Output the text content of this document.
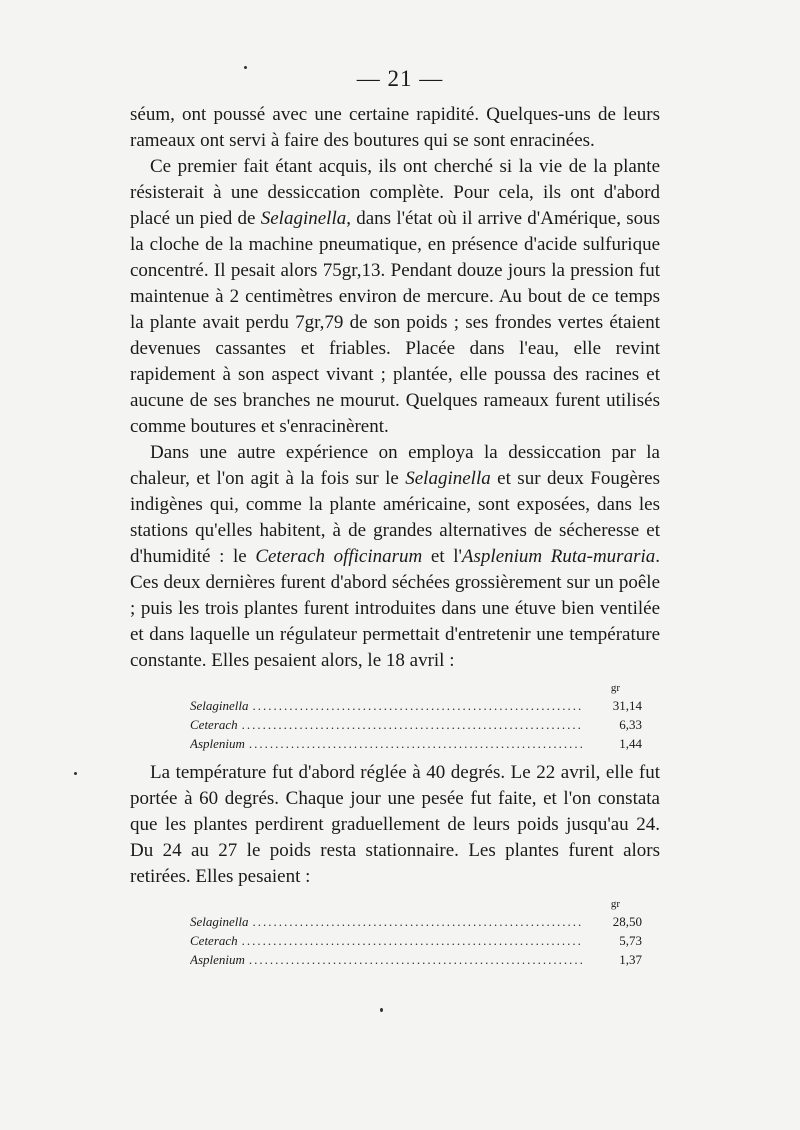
— 21 —

séum, ont poussé avec une certaine rapidité. Quelques-uns de leurs rameaux ont servi à faire des boutures qui se sont enracinées.

Ce premier fait étant acquis, ils ont cherché si la vie de la plante résisterait à une dessiccation complète. Pour cela, ils ont d'abord placé un pied de Selaginella, dans l'état où il arrive d'Amérique, sous la cloche de la machine pneumatique, en présence d'acide sulfurique concentré. Il pesait alors 75gr,13. Pendant douze jours la pression fut maintenue à 2 centimètres environ de mercure. Au bout de ce temps la plante avait perdu 7gr,79 de son poids ; ses frondes vertes étaient devenues cassantes et friables. Placée dans l'eau, elle revint rapidement à son aspect vivant ; plantée, elle poussa des racines et aucune de ses branches ne mourut. Quelques rameaux furent utilisés comme boutures et s'enracinèrent.

Dans une autre expérience on employa la dessiccation par la chaleur, et l'on agit à la fois sur le Selaginella et sur deux Fougères indigènes qui, comme la plante américaine, sont exposées, dans les stations qu'elles habitent, à de grandes alternatives de sécheresse et d'humidité : le Ceterach officinarum et l'Asplenium Ruta-muraria. Ces deux dernières furent d'abord séchées grossièrement sur un poêle ; puis les trois plantes furent introduites dans une étuve bien ventilée et dans laquelle un régulateur permettait d'entretenir une température constante. Elles pesaient alors, le 18 avril :

gr
Selaginella .....	31,14
Ceterach .....	6,33
Asplenium .....	1,44

La température fut d'abord réglée à 40 degrés. Le 22 avril, elle fut portée à 60 degrés. Chaque jour une pesée fut faite, et l'on constata que les plantes perdirent graduellement de leurs poids jusqu'au 24. Du 24 au 27 le poids resta stationnaire. Les plantes furent alors retirées. Elles pesaient :

gr
Selaginella .....	28,50
Ceterach .....	5,73
Asplenium .....	1,37
